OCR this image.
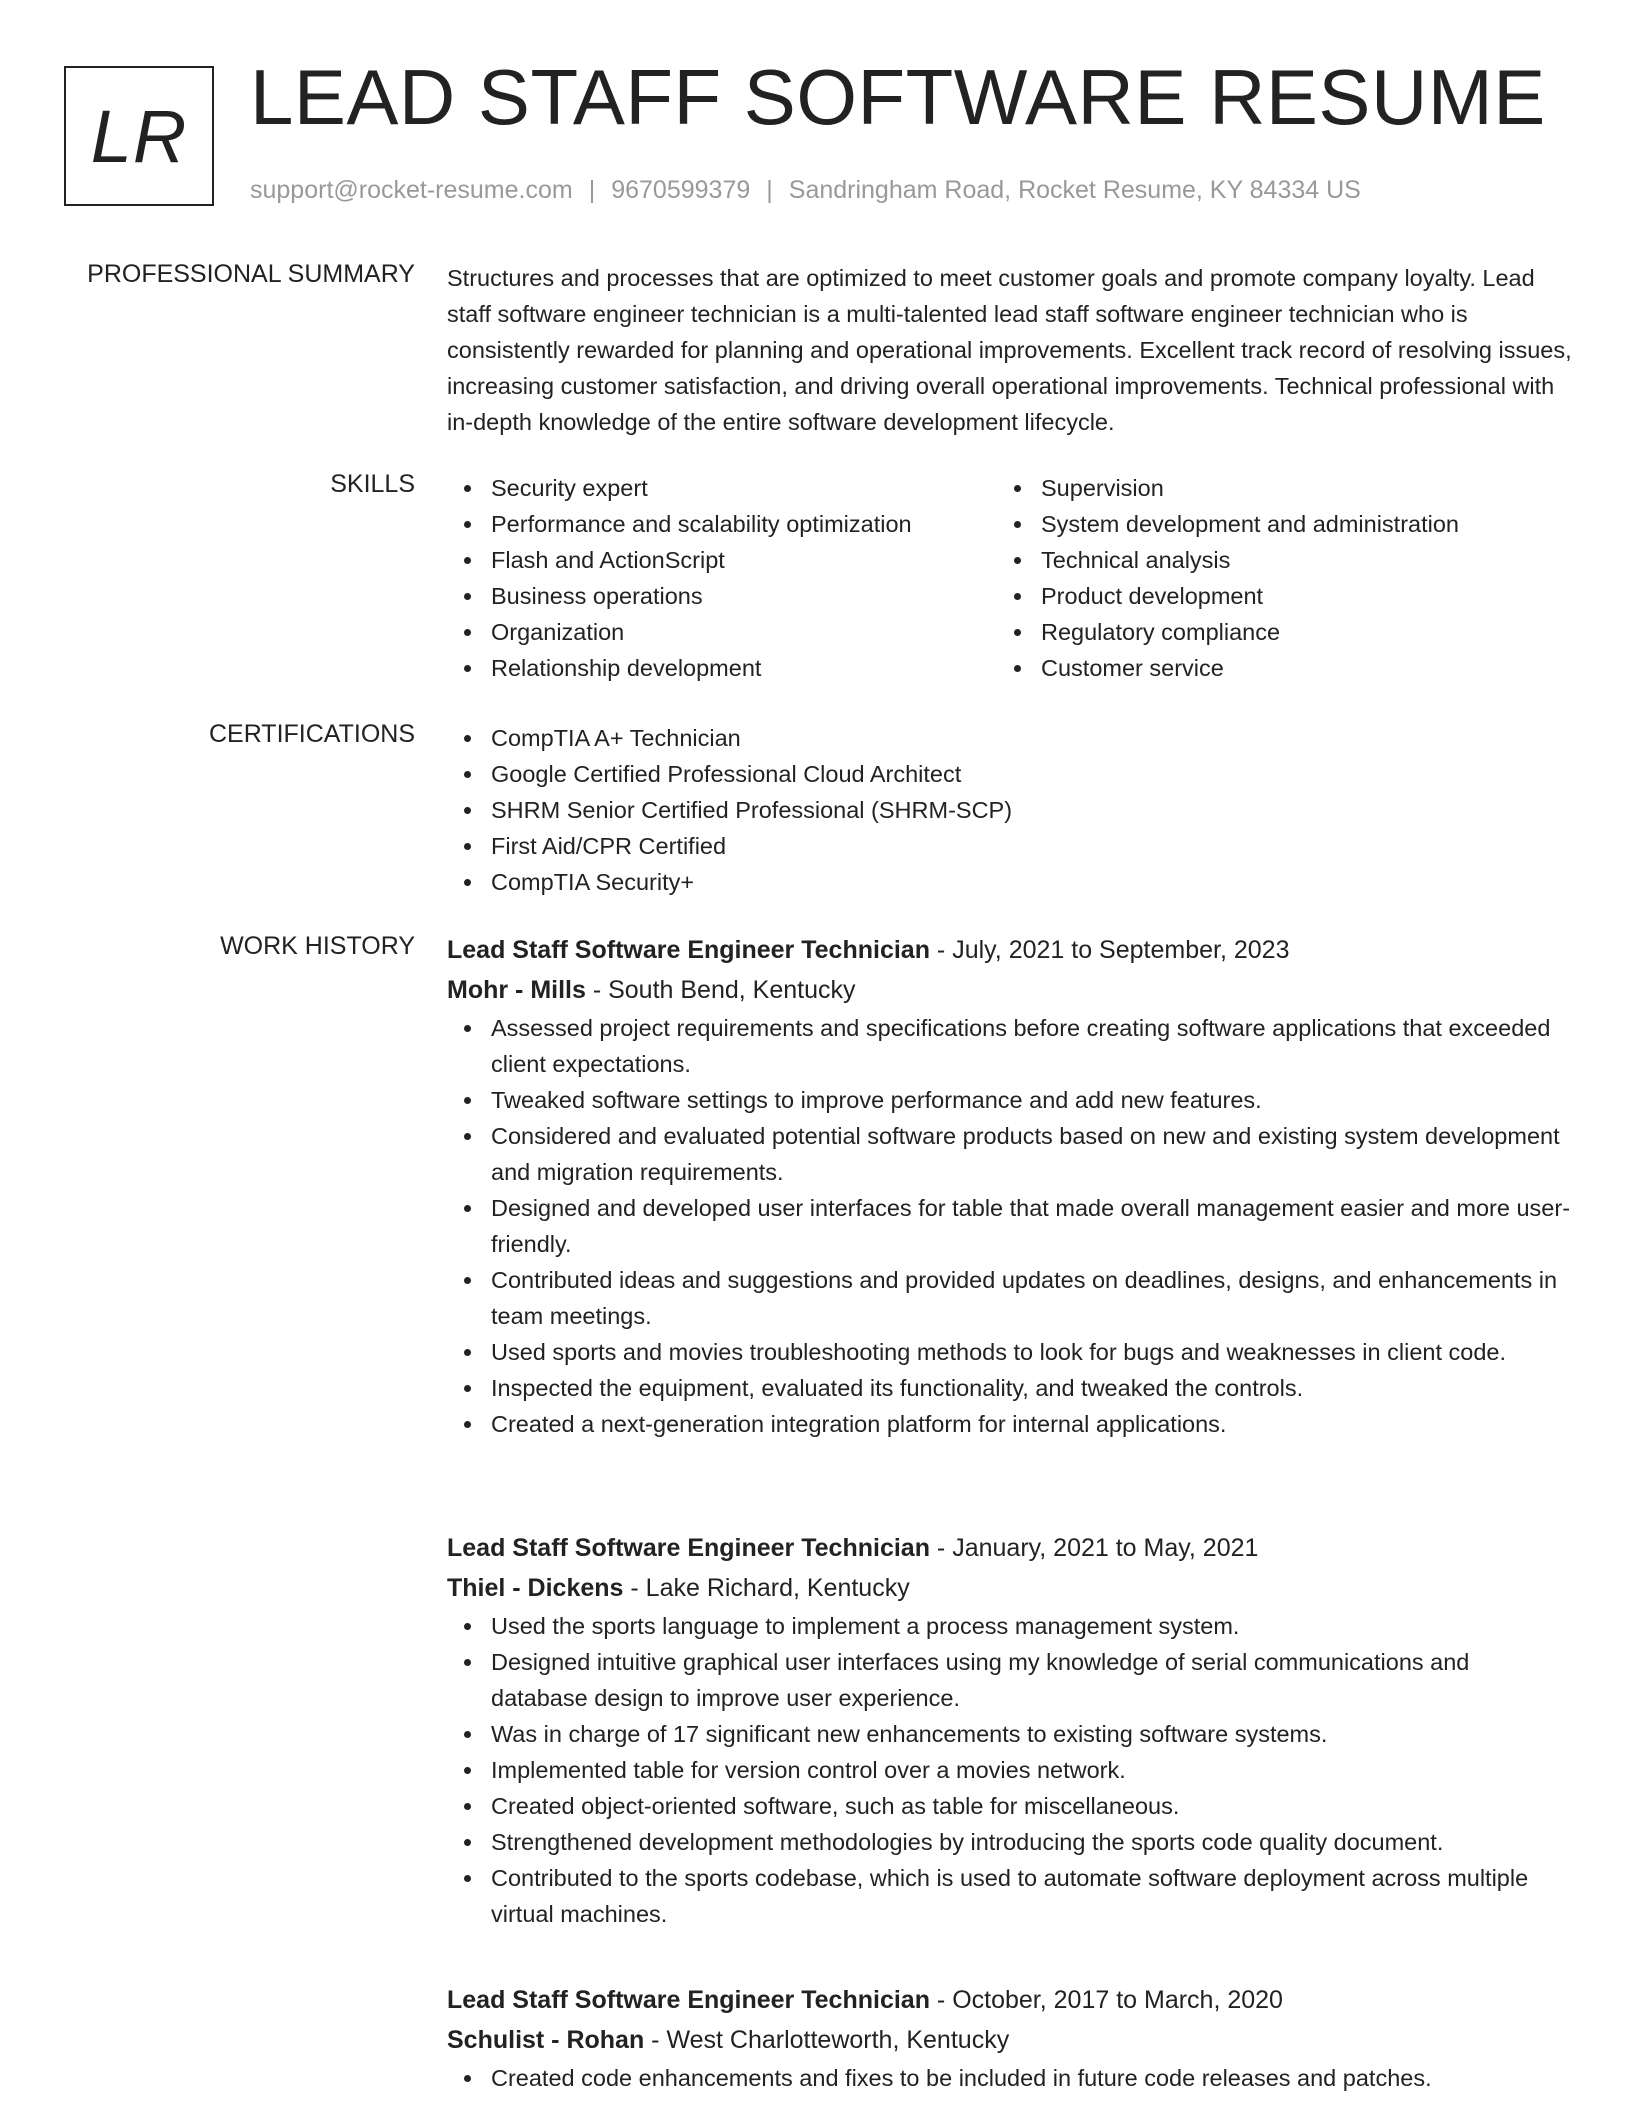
LR LEAD STAFF SOFTWARE RESUME
support@rocket-resume.com | 9670599379 | Sandringham Road, Rocket Resume, KY 84334 US
PROFESSIONAL SUMMARY Structures and processes that are optimized to meet customer goals and promote company loyalty. Lead staff software engineer technician is a multi-talented lead staff software engineer technician who is consistently rewarded for planning and operational improvements. Excellent track record of resolving issues, increasing customer satisfaction, and driving overall operational improvements. Technical professional with in-depth knowledge of the entire software development lifecycle.

SKILLS	Security expert
Performance and scalability optimization
Flash and ActionScript
Business operations
Organization
Relationship development
Supervision
System development and administration
Technical analysis
Product development
Regulatory compliance
Customer service
CERTIFICATIONS	CompTIA A+ Technician
Google Certified Professional Cloud Architect
SHRM Senior Certified Professional (SHRM-SCP)
First Aid/CPR Certified
CompTIA Security+
WORK HISTORY Lead Staff Software Engineer Technician - July, 2021 to September, 2023
Mohr - Mills - South Bend, Kentucky
Assessed project requirements and specifications before creating software applications that exceeded client expectations.
Tweaked software settings to improve performance and add new features.
Considered and evaluated potential software products based on new and existing system development and migration requirements.
Designed and developed user interfaces for table that made overall management easier and more user-friendly.
Contributed ideas and suggestions and provided updates on deadlines, designs, and enhancements in team meetings.
Used sports and movies troubleshooting methods to look for bugs and weaknesses in client code.
Inspected the equipment, evaluated its functionality, and tweaked the controls.
Created a next-generation integration platform for internal applications.
Lead Staff Software Engineer Technician - January, 2021 to May, 2021
Thiel - Dickens - Lake Richard, Kentucky
Used the sports language to implement a process management system.
Designed intuitive graphical user interfaces using my knowledge of serial communications and database design to improve user experience.
Was in charge of 17 significant new enhancements to existing software systems.
Implemented table for version control over a movies network.
Created object-oriented software, such as table for miscellaneous.
Strengthened development methodologies by introducing the sports code quality document.
Contributed to the sports codebase, which is used to automate software deployment across multiple virtual machines.
Lead Staff Software Engineer Technician - October, 2017 to March, 2020
Schulist - Rohan - West Charlotteworth, Kentucky
Created code enhancements and fixes to be included in future code releases and patches.
